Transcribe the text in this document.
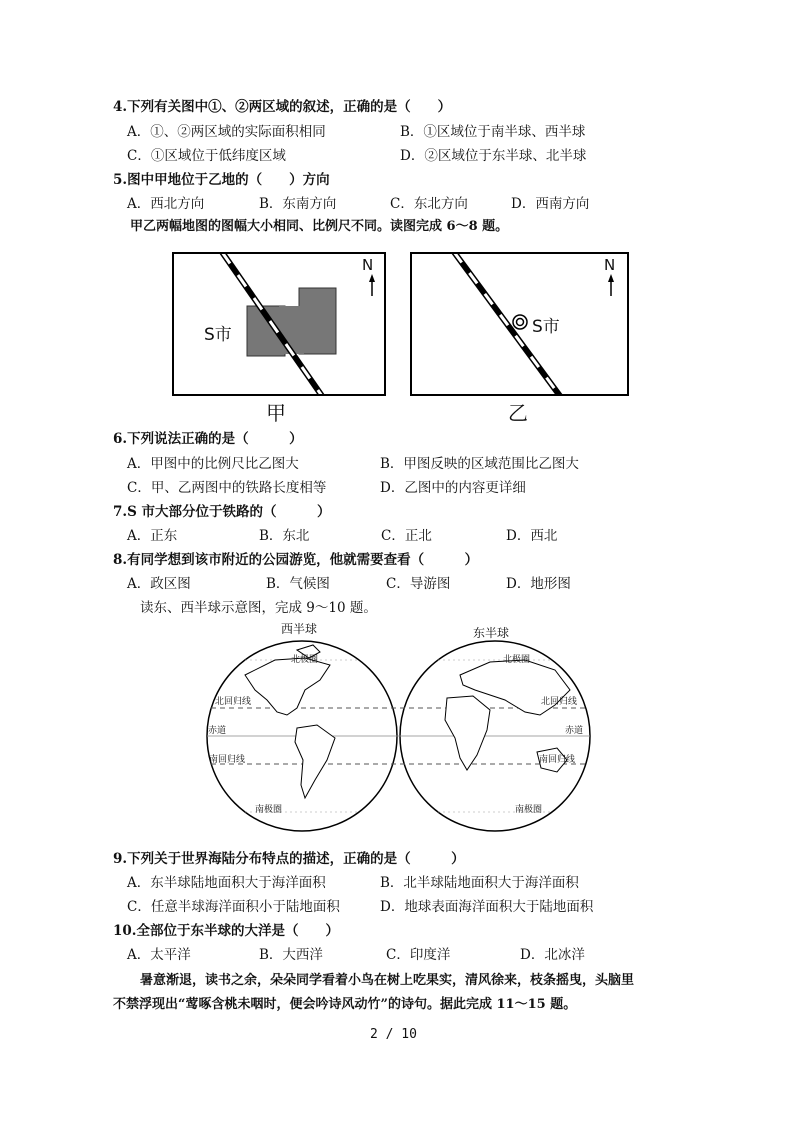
4.下列有关图中①、②两区域的叙述，正确的是（　　）
A．①、②两区域的实际面积相同	B．①区域位于南半球、西半球
C．①区域位于低纬度区域	D．②区域位于东半球、北半球
5.图中甲地位于乙地的（　　）方向
A．西北方向	B．东南方向	C．东北方向	D．西南方向
甲乙两幅地图的图幅大小相同、比例尺不同。读图完成 6～8 题。
S市
N
甲
S市
N
乙
6.下列说法正确的是（　　　）
A．甲图中的比例尺比乙图大	B．甲图反映的区域范围比乙图大
C．甲、乙两图中的铁路长度相等	D．乙图中的内容更详细
7.S 市大部分位于铁路的（　　　）
A．正东	B．东北	C．正北	D．西北
8.有同学想到该市附近的公园游览，他就需要查看（　　　）
A．政区图	B．气候图	C．导游图	D．地形图
读东、西半球示意图，完成 9～10 题。
西半球	东半球
北极圈
北回归线
赤道
南回归线
南极圈
北极圈
北回归线
赤道
南回归线
南极圈
9.下列关于世界海陆分布特点的描述，正确的是（　　　）
A．东半球陆地面积大于海洋面积	B．北半球陆地面积大于海洋面积
C．任意半球海洋面积小于陆地面积	D．地球表面海洋面积大于陆地面积
10.全部位于东半球的大洋是（　　）
A．太平洋	B．大西洋	C．印度洋	D．北冰洋
暑意渐退，读书之余，朵朵同学看着小鸟在树上吃果实，清风徐来，枝条摇曳，头脑里
不禁浮现出“莺啄含桃未咽时，便会吟诗风动竹”的诗句。据此完成 11～15 题。
2 / 10
